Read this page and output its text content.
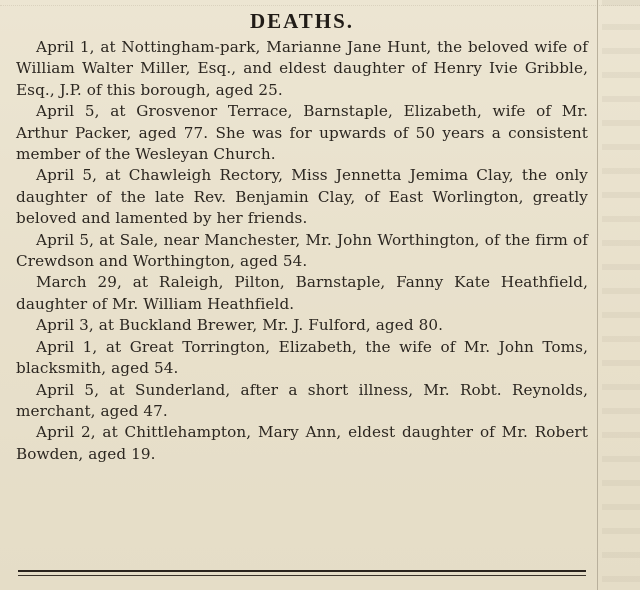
DEATHS.

April 1, at Nottingham-park, Marianne Jane Hunt, the beloved wife of William Walter Miller, Esq., and eldest daughter of Henry Ivie Gribble, Esq., J.P. of this borough, aged 25.

April 5, at Grosvenor Terrace, Barnstaple, Elizabeth, wife of Mr. Arthur Packer, aged 77. She was for upwards of 50 years a consistent member of the Wesleyan Church.

April 5, at Chawleigh Rectory, Miss Jennetta Jemima Clay, the only daughter of the late Rev. Benjamin Clay, of East Worlington, greatly beloved and lamented by her friends.

April 5, at Sale, near Manchester, Mr. John Worthington, of the firm of Crewdson and Worthington, aged 54.

March 29, at Raleigh, Pilton, Barnstaple, Fanny Kate Heathfield, daughter of Mr. William Heathfield.

April 3, at Buckland Brewer, Mr. J. Fulford, aged 80.

April 1, at Great Torrington, Elizabeth, the wife of Mr. John Toms, blacksmith, aged 54.

April 5, at Sunderland, after a short illness, Mr. Robt. Reynolds, merchant, aged 47.

April 2, at Chittlehampton, Mary Ann, eldest daughter of Mr. Robert Bowden, aged 19.
